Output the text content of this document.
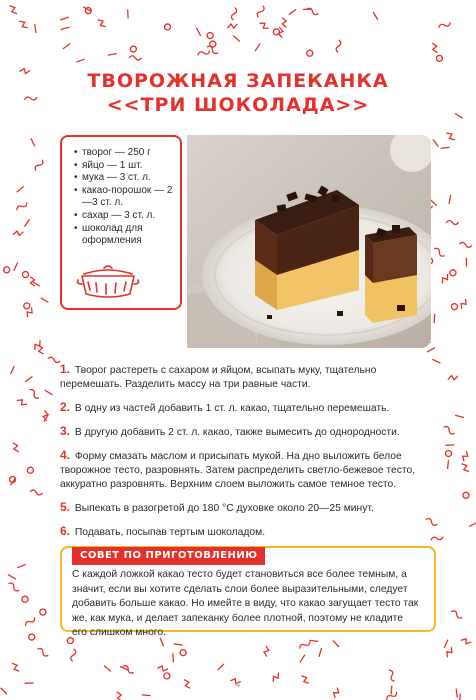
ТВОРОЖНАЯ ЗАПЕКАНКА
<<ТРИ ШОКОЛАДА>>
• творог — 250 г
• яйцо — 1 шт.
• мука — 3 ст. л.
• какао-порошок — 2—3 ст. л.
• сахар — 3 ст. л.
• шоколад для оформления
1. Творог растереть с сахаром и яйцом, всыпать муку, тщательно перемешать. Разделить массу на три равные части.
2. В одну из частей добавить 1 ст. л. какао, тщательно перемешать.
3. В другую добавить 2 ст. л. какао, также вымесить до однородности.
4. Форму смазать маслом и присыпать мукой. На дно выложить белое творожное тесто, разровнять. Затем распределить светло-бежевое тесто, аккуратно разровнять. Верхним слоем выложить самое темное тесто.
5. Выпекать в разогретой до 180 °С духовке около 20—25 минут.
6. Подавать, посыпав тертым шоколадом.
СОВЕТ ПО ПРИГОТОВЛЕНИЮ
С каждой ложкой какао тесто будет становиться все более темным, а значит, если вы хотите сделать слои более выразительными, следует добавить больше какао. Но имейте в виду, что какао загущает тесто так же, как мука, и делает запеканку более плотной, поэтому не кладите его слишком много.
4
